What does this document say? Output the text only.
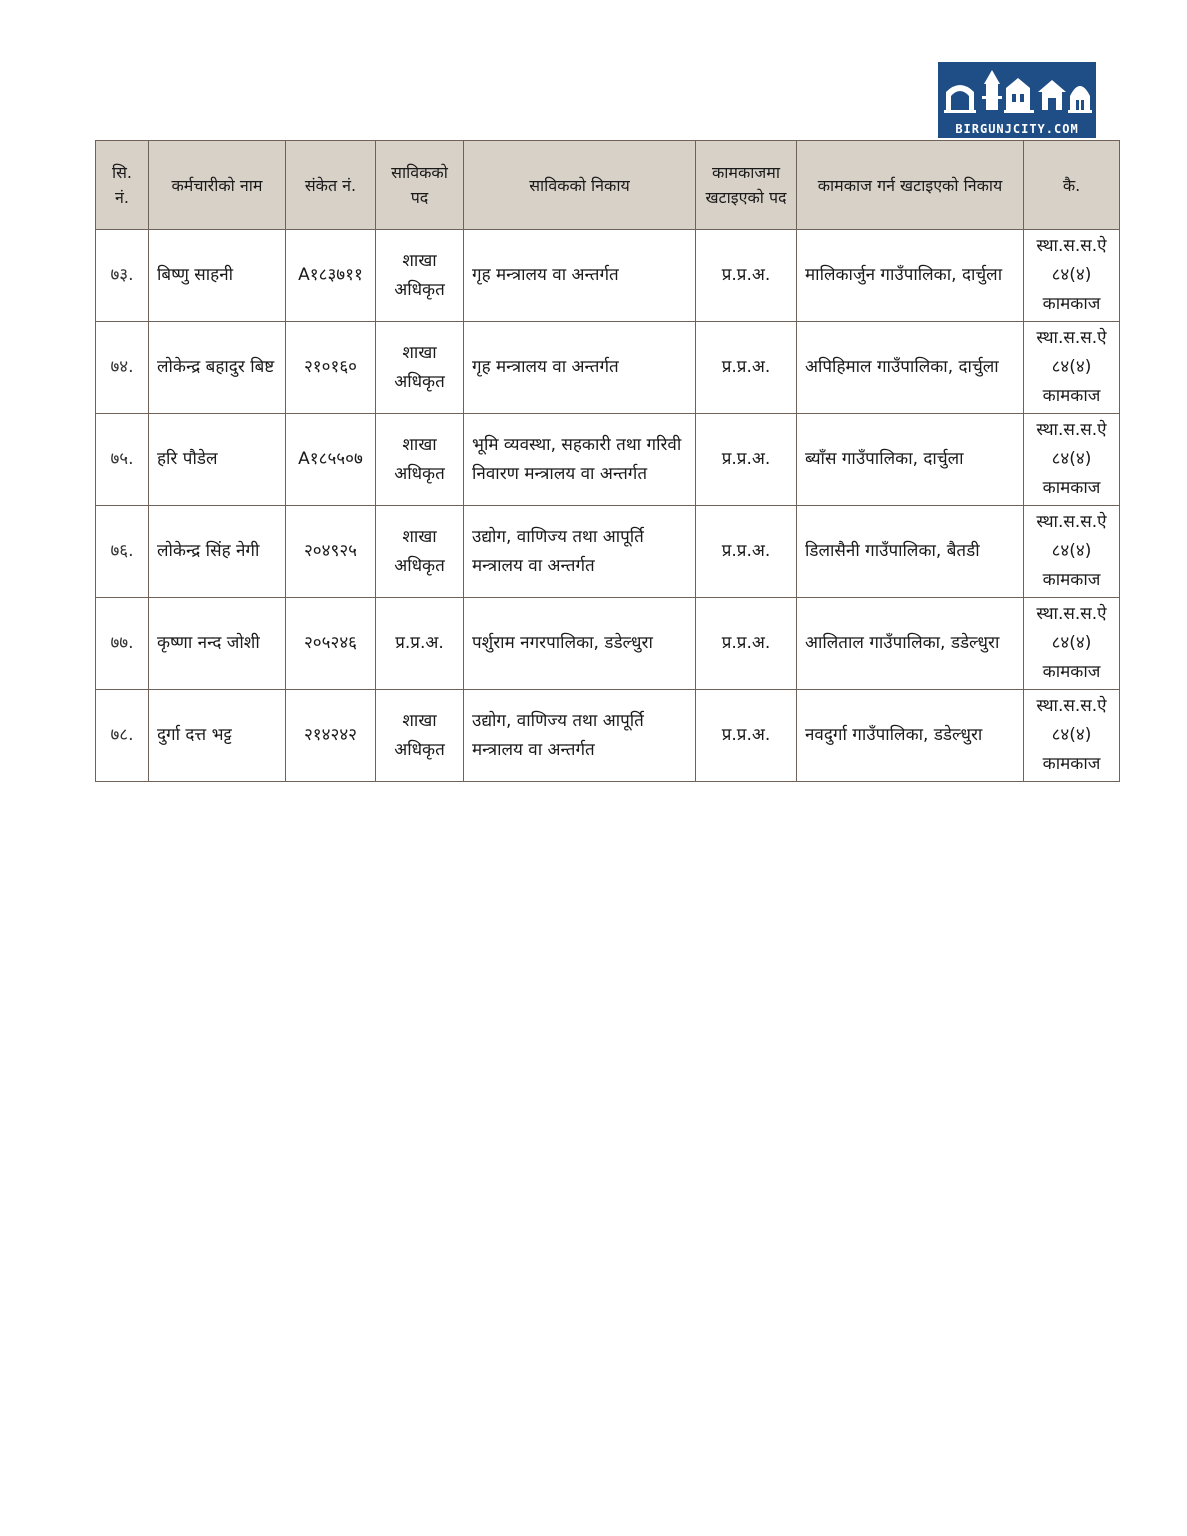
BIRGUNJCITY.COM
सि. नं.	कर्मचारीको नाम	संकेत नं.	साविकको पद	साविकको निकाय	कामकाजमा खटाइएको पद	कामकाज गर्न खटाइएको निकाय	कै.
७३.	बिष्णु साहनी	A१८३७११	शाखा अधिकृत	गृह मन्त्रालय वा अन्तर्गत	प्र.प्र.अ.	मालिकार्जुन गाउँपालिका, दार्चुला	स्था.स.स.ऐ
८४(४)
कामकाज

७४.	लोकेन्द्र बहादुर बिष्ट	२१०१६०	शाखा अधिकृत	गृह मन्त्रालय वा अन्तर्गत	प्र.प्र.अ.	अपिहिमाल गाउँपालिका, दार्चुला	स्था.स.स.ऐ
८४(४)
कामकाज

७५.	हरि पौडेल	A१८५५०७	शाखा अधिकृत	भूमि व्यवस्था, सहकारी तथा गरिवी निवारण मन्त्रालय वा अन्तर्गत	प्र.प्र.अ.	ब्याँस गाउँपालिका, दार्चुला	स्था.स.स.ऐ
८४(४)
कामकाज

७६.	लोकेन्द्र सिंह नेगी	२०४९२५	शाखा अधिकृत	उद्योग, वाणिज्य तथा आपूर्ति मन्त्रालय वा अन्तर्गत	प्र.प्र.अ.	डिलासैनी गाउँपालिका, बैतडी	स्था.स.स.ऐ
८४(४)
कामकाज

७७.	कृष्णा नन्द जोशी	२०५२४६	प्र.प्र.अ.	पर्शुराम नगरपालिका, डडेल्धुरा	प्र.प्र.अ.	आलिताल गाउँपालिका, डडेल्धुरा	स्था.स.स.ऐ
८४(४)
कामकाज

७८.	दुर्गा दत्त भट्ट	२१४२४२	शाखा अधिकृत	उद्योग, वाणिज्य तथा आपूर्ति मन्त्रालय वा अन्तर्गत	प्र.प्र.अ.	नवदुर्गा गाउँपालिका, डडेल्धुरा	स्था.स.स.ऐ
८४(४)
कामकाज
